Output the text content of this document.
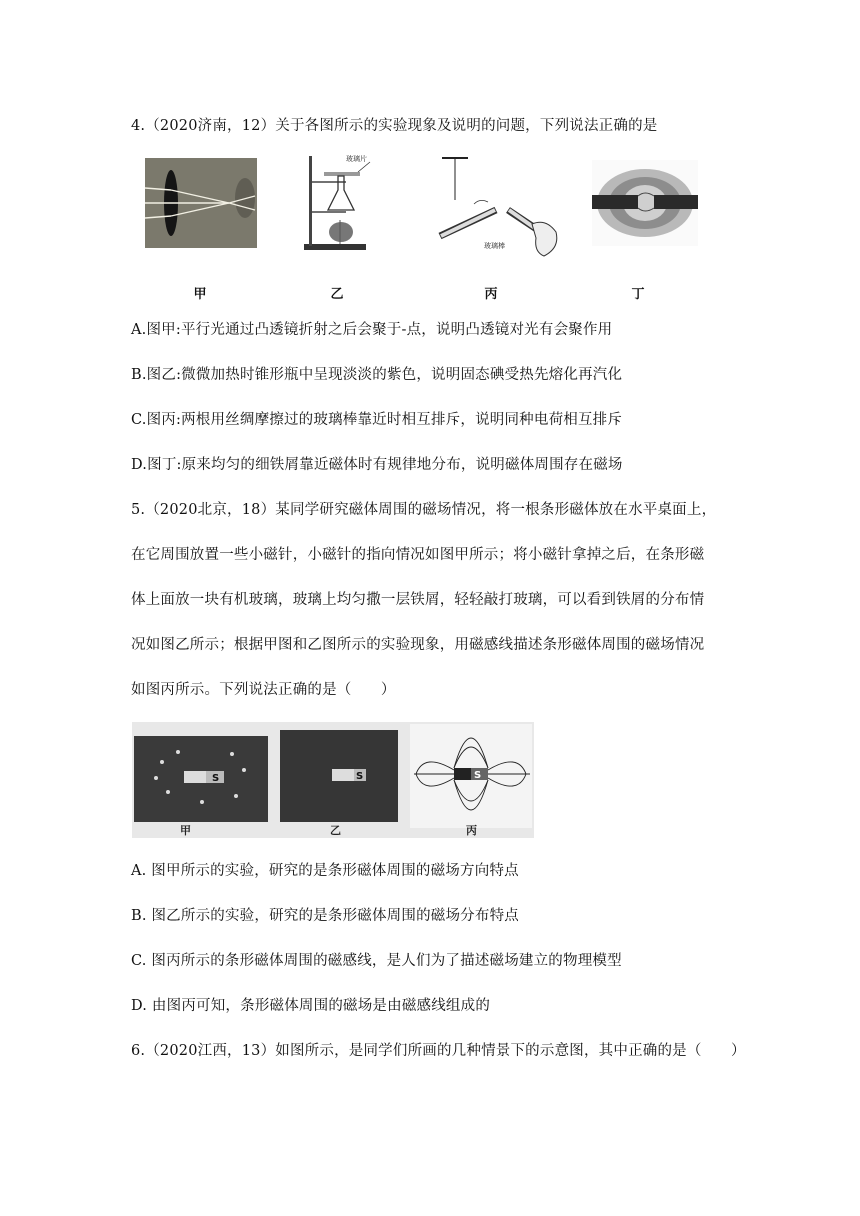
4.（2020济南，12）关于各图所示的实验现象及说明的问题，下列说法正确的是
玻璃片
玻璃棒
甲	乙	丙	丁
A.图甲:平行光通过凸透镜折射之后会聚于-点，说明凸透镜对光有会聚作用
B.图乙:微微加热时锥形瓶中呈现淡淡的紫色，说明固态碘受热先熔化再汽化
C.图丙:两根用丝绸摩擦过的玻璃棒靠近时相互排斥，说明同种电荷相互排斥
D.图丁:原来均匀的细铁屑靠近磁体时有规律地分布，说明磁体周围存在磁场
5.（2020北京，18）某同学研究磁体周围的磁场情况，将一根条形磁体放在水平桌面上，
在它周围放置一些小磁针，小磁针的指向情况如图甲所示；将小磁针拿掉之后，在条形磁
体上面放一块有机玻璃，玻璃上均匀撒一层铁屑，轻轻敲打玻璃，可以看到铁屑的分布情
况如图乙所示；根据甲图和乙图所示的实验现象，用磁感线描述条形磁体周围的磁场情况
如图丙所示。下列说法正确的是（　　）
S
甲
S
乙
S
丙
A. 图甲所示的实验，研究的是条形磁体周围的磁场方向特点
B. 图乙所示的实验，研究的是条形磁体周围的磁场分布特点
C. 图丙所示的条形磁体周围的磁感线，是人们为了描述磁场建立的物理模型
D. 由图丙可知，条形磁体周围的磁场是由磁感线组成的
6.（2020江西，13）如图所示，是同学们所画的几种情景下的示意图，其中正确的是（　　）
